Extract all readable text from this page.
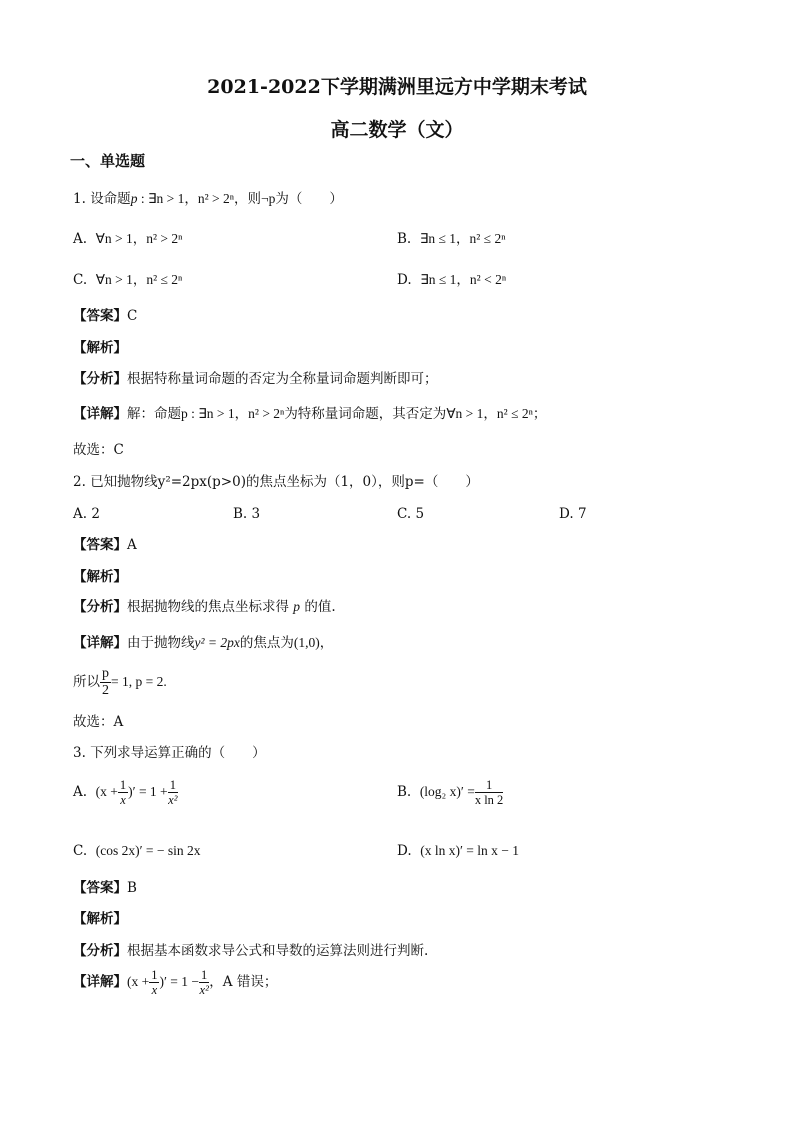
2021-2022下学期满洲里远方中学期末考试
高二数学（文）
一、单选题
1. 设命题p : ∃n > 1，n² > 2ⁿ，则¬p为（　　）
A. ∀n > 1，n² > 2ⁿ	B. ∃n ≤ 1，n² ≤ 2ⁿ
C. ∀n > 1，n² ≤ 2ⁿ	D. ∃n ≤ 1，n² < 2ⁿ
【答案】C
【解析】
【分析】根据特称量词命题的否定为全称量词命题判断即可；
【详解】解：命题p : ∃n > 1，n² > 2ⁿ为特称量词命题，其否定为∀n > 1，n² ≤ 2ⁿ；
故选：C
2. 已知抛物线y²=2px(p>0)的焦点坐标为（1，0），则p=（　　）
A. 2	B. 3	C. 5	D. 7
【答案】A
【解析】
【分析】根据抛物线的焦点坐标求得 p 的值.
【详解】由于抛物线y² = 2px的焦点为(1,0)，
所以 $\frac{p}{2} = 1$, p = 2.
故选：A
3. 下列求导运算正确的（　　）
A. ($x + \frac{1}{x}$ )′ = $1 + \frac{1}{\text{x²}}$	B. (log₂ $x)' = \frac{1}{\text{x ln 2}}$
C. (cos 2x)′ = − sin 2x	D. (x ln x)′ = ln x − 1
【答案】B
【解析】
【分析】根据基本函数求导公式和导数的运算法则进行判断.
【详解】($x + \frac{1}{x}$ )′ = $1 - \frac{1}{\text{x²}}$ ，A 错误；
